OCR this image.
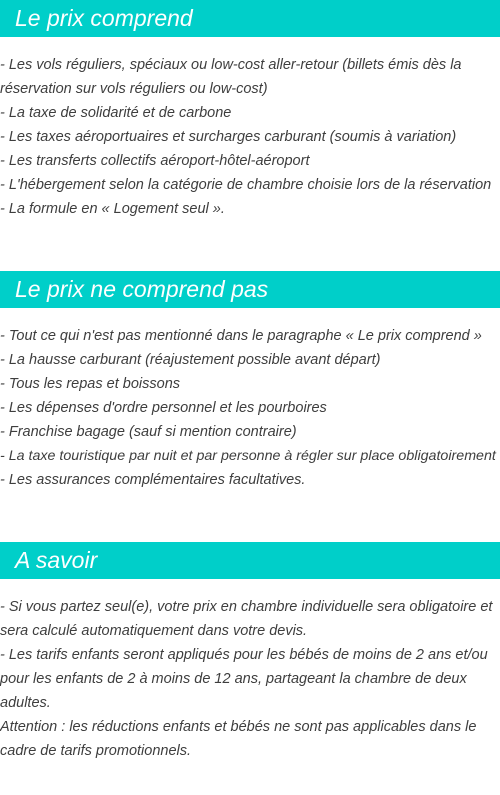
Le prix comprend
- Les vols réguliers, spéciaux ou low-cost aller-retour (billets émis dès la réservation sur vols réguliers ou low-cost)
- La taxe de solidarité et de carbone
- Les taxes aéroportuaires et surcharges carburant (soumis à variation)
- Les transferts collectifs aéroport-hôtel-aéroport
- L'hébergement selon la catégorie de chambre choisie lors de la réservation
- La formule en « Logement seul ».
Le prix ne comprend pas
- Tout ce qui n'est pas mentionné dans le paragraphe « Le prix comprend »
- La hausse carburant (réajustement possible avant départ)
- Tous les repas et boissons
- Les dépenses d'ordre personnel et les pourboires
- Franchise bagage (sauf si mention contraire)
- La taxe touristique par nuit et par personne à régler sur place obligatoirement
- Les assurances complémentaires facultatives.
A savoir
- Si vous partez seul(e), votre prix en chambre individuelle sera obligatoire et sera calculé automatiquement dans votre devis.
- Les tarifs enfants seront appliqués pour les bébés de moins de 2 ans et/ou pour les enfants de 2 à moins de 12 ans, partageant la chambre de deux adultes.
Attention : les réductions enfants et bébés ne sont pas applicables dans le cadre de tarifs promotionnels.
